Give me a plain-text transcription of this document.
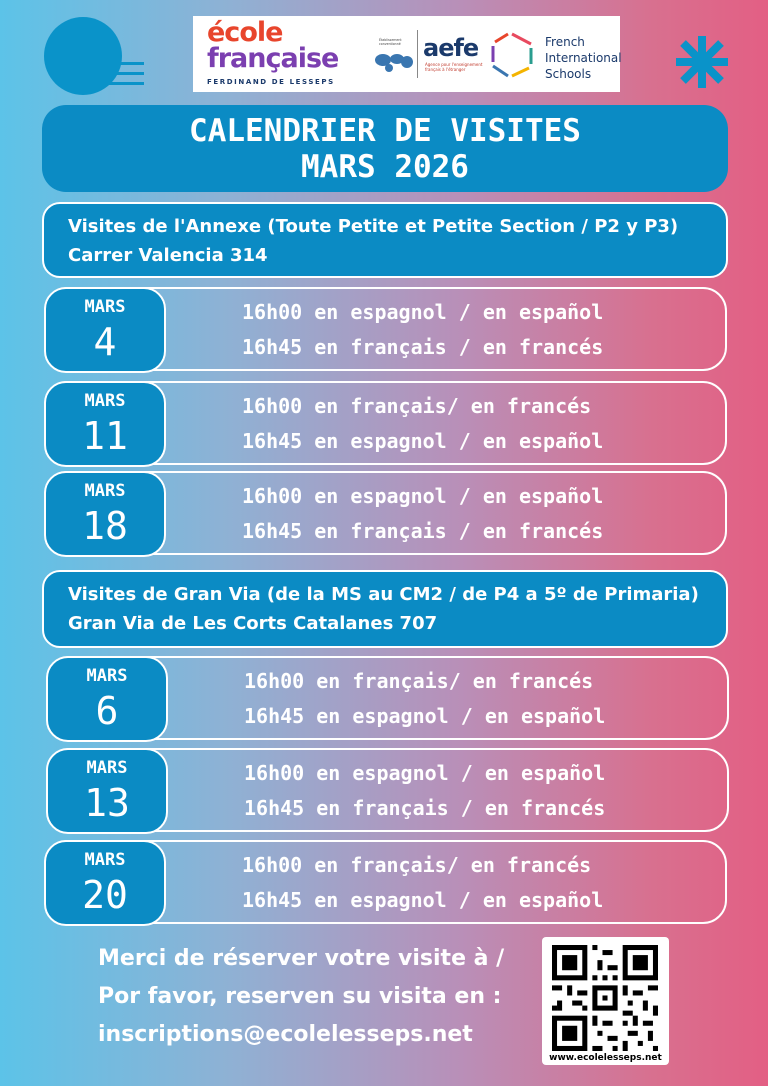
école
française
FERDINAND DE LESSEPS
Établissement conventionné aefe
Agence pour l'enseignement français à l'étranger
French
International
Schools
CALENDRIER DE VISITES
MARS 2026
Visites de l'Annexe (Toute Petite et Petite Section / P2 y P3)
Carrer Valencia 314
MARS
4
16h00 en espagnol / en español
16h45 en français / en francés
MARS
11
16h00 en français/ en francés
16h45 en espagnol / en español
MARS
18
16h00 en espagnol / en español
16h45 en français / en francés
Visites de Gran Via (de la MS au CM2 / de P4 a 5º de Primaria)
Gran Via de Les Corts Catalanes 707
MARS
6
16h00 en français/ en francés
16h45 en espagnol / en español
MARS
13
16h00 en espagnol / en español
16h45 en français / en francés
MARS
20
16h00 en français/ en francés
16h45 en espagnol / en español
Merci de réserver votre visite à /
Por favor, reserven su visita en :
inscriptions@ecolelesseps.net
www.ecolelesseps.net
